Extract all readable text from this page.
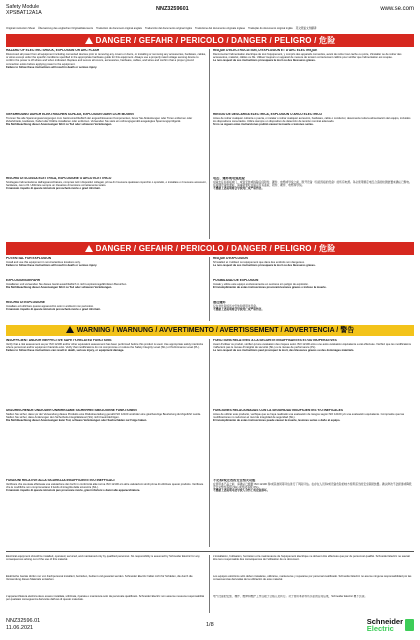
Safety Module
XPSBAT12A1A
NNZ3259601	www.se.com
Original instruction Sheet Übersetzung des englischen Originaldokuments Traduction du document original anglais Traducción del documento original inglés Traduzione del documento originale inglese Tradução do documento original inglês 英文原始文件翻译
DANGER / GEFAHR / PERICOLO / DANGER / PELIGRO / 危险
HAZARD OF ELECTRIC SHOCK, EXPLOSION OR ARC FLASH
Disconnect all power from all equipment including connected devices prior to removing any covers or doors, or installing or removing any accessories, hardware, cables, or wires except under the specific conditions specified in the appropriate hardware guide for this equipment. Always use a properly rated voltage sensing device to confirm the power is off where and when indicated. Replace and secure all covers, accessories, hardware, cables, and wires and confirm that a proper ground connection exists before applying power to the equipment.
Failure to follow these instructions will result in death or serious injury.
RISQUE D'ÉLECTROCUTION, D'EXPLOSION ET D'ARC ÉLECTRIQUE
Déconnectez l'alimentation électrique de tout l'équipement, y compris des appareils connectés, avant de retirer tout cache ou porte, d'installer ou de retirer des accessoires, matériel, câbles ou fils. Utilisez toujours un appareil de mesure de tension correctement calibré pour vérifier que l'alimentation est coupée.
Le non-respect de ces instructions provoquera la mort ou des blessures graves.
GEFÄHRDUNG DURCH ELEKTRISCHEN SCHLAG, EXPLOSION ODER LICHTBOGEN
Trennen Sie alle Spannungsversorgungen zum Gerät einschließlich der angeschlossenen Komponenten, bevor Sie Abdeckungen oder Türen entfernen oder Zubehörteile, Hardware, Kabel oder Drähte installieren oder entfernen. Verwenden Sie stets ein ordnungsgemäß ausgelegtes Spannungsprüfgerät.
Die Nichtbeachtung dieser Anweisungen führt zu Tod oder schweren Verletzungen.
RIESGO DE DESCARGA ELÉCTRICA, EXPLOSIÓN O ARCO ELÉCTRICO
Antes de retirar cualquier cubierta o puerta, o instalar o retirar cualquier accesorio, hardware, cable o conductor, desconecte toda la alimentación del equipo, incluidos los dispositivos conectados. Utilice siempre un dispositivo de detección de tensión nominal adecuado.
Si no se siguen estas instrucciones podrán causar la muerte o lesiones serias.
RISCHIO DI SCOSSA ELETTRICA, ESPLOSIONE O ARCO ELETTRICO
Scollegare l'alimentazione dall'apparecchiatura, compresi tutti i dispositivi collegati, prima di rimuovere qualsiasi coperchio o sportello, o installare o rimuovere accessori, hardware, cavi o fili. Utilizzare sempre un rilevatore di tensione correttamente tarato.
Il mancato rispetto di queste istruzioni provocherà morte o gravi infortuni.
电击、爆炸或电弧危险
在除去任何盖板或门，或者安装或拆除任何附件、硬件、电缆或导线之前，断开设备（包括连接的设备）的所有电源。务必使用额定电压合适的检测装置来确认已断电。在接通设备电源前，请重新装好并固定所有盖板、附件、硬件、电缆和导线。
不遵循上述说明将会导致死亡或严重伤害。
DANGER / GEFAHR / PERICOLO / DANGER / PELIGRO / 危险
POTENTIAL FOR EXPLOSION
Install and use this equipment in non-hazardous locations only.
Failure to follow these instructions will result in death or serious injury.
RISQUE D'EXPLOSION
N'installez et n'utilisez cet équipement que dans des endroits non dangereux.
Le non-respect de ces instructions provoquera la mort ou des blessures graves.
EXPLOSIONSGEFAHR
Installieren und verwenden Sie dieses Gerät ausschließlich in nicht explosionsgefährdeten Bereichen.
Die Nichtbeachtung dieser Anweisungen führt zu Tod oder schweren Verletzungen.
POSIBILIDAD DE EXPLOSIÓN
Instale y utilice este equipo exclusivamente en sectores sin peligro de explosión.
El incumplimiento de estas instrucciones provocará lesiones graves o incluso la muerte.
RISCHIO DI ESPLOSIONE
Installare ed utilizzare questo apparecchio solo in ambienti non pericolosi.
Il mancato rispetto di queste istruzioni provocherà morte o gravi infortuni.
潜在爆炸
仅在非危险场所中安装和使用该设备。
不遵循上述说明将会导致死亡或严重伤害。
WARNING / WARNUNG / AVVERTIMENTO / AVERTISSEMENT / ADVERTENCIA / 警告
INSUFFICIENT AND/OR INEFFECTIVE SAFETY-RELATED FUNCTIONS
Verify that a risk assessment as per ISO 12100 and/or other equivalent assessment has been performed before this product is used. Use appropriate safety interlocks where personnel and/or equipment hazards exist. Verify that modifications do not compromise or reduce the Safety Integrity Level (SIL) or Performance Level (PL).
Failure to follow these instructions can result in death, serious injury, or equipment damage.
FONCTIONS RELATIVES À LA SÉCURITÉ INSUFFISANTES ET/OU INOPÉRATIVES
Avant d'utiliser ce produit, vérifiez qu'une évaluation des risques selon ISO 12100 et/ou une autre évaluation équivalente a été effectuée. Vérifiez que les modifications n'affectent pas le niveau d'intégrité de sécurité (SIL) ou le niveau de performance (PL).
Le non-respect de ces instructions peut provoquer la mort, des blessures graves ou des dommages matériels.
UNZUREICHENDE UND/ODER UNWIRKSAME SICHERHEITSBEZOGENE FUNKTIONEN
Stellen Sie sicher, dass vor der Verwendung dieses Produkts eine Risikobeurteilung gemäß ISO 12100 und/oder eine gleichwertige Beurteilung durchgeführt wurde. Stellen Sie sicher, dass Änderungen den Sicherheits-Integritätslevel (SIL) nicht beeinträchtigen.
Die Nichtbeachtung dieser Anweisungen kann Tod, schwere Verletzungen oder Sachschäden zur Folge haben.
FUNCIONES RELACIONADAS CON LA SEGURIDAD INSUFICIENTES Y/O INEFICACES
Antes de utilizar este producto, verifique que se haya realizado una evaluación de riesgos según ISO 12100 y/o una evaluación equivalente. Compruebe que las modificaciones no reduzcan el nivel de integridad de seguridad (SIL).
El incumplimiento de estas instrucciones puede causar la muerte, lesiones serias o daño al equipo.
FUNZIONI RELATIVE ALLA SICUREZZA INSUFFICIENTI E/O INEFFICACI
Verificare che sia stata effettuata una valutazione dei rischi in conformità alla norma ISO 12100 e/o altre valutazioni simili prima di utilizzare questo prodotto. Verificare che le modifiche non compromettano il livello di integrità della sicurezza (SIL).
Il mancato rispetto di queste istruzioni può provocare morte, gravi infortuni o danni alle apparecchiature.
不足和/或无效的安全相关功能
在使用本产品之前，请确认已根据 ISO 12100 和/或其他同等评估进行了风险评估。在存在人员和/或设备危险的地方使用适当的安全联锁装置。确认修改不会损害或降低安全完整性等级 (SIL) 或性能等级 (PL)。
不遵循上述说明可能导致人身伤亡或设备损坏。
Electrical equipment should be installed, operated, serviced, and maintained only by qualified personnel. No responsibility is assumed by Schneider Electric for any consequences arising out of the use of this material.
L'installation, l'utilisation, l'entretien et la maintenance de l'équipement électrique ne doivent être effectués que par du personnel qualifié. Schneider Electric ne saurait être tenu responsable des conséquences de l'utilisation de ce document.
Elektrische Geräte dürfen nur von Fachpersonal installiert, betrieben, bedient und gewartet werden. Schneider Electric haftet nicht für Schäden, die durch die Verwendung dieses Materials entstehen.
Los equipos eléctricos sólo deben instalarse, utilizarse, mantenerse y repararse por personal cualificado. Schneider Electric no asume ninguna responsabilidad por las consecuencias derivadas de la utilización de este material.
L'apparecchiatura elettrica deve essere installata, utilizzata, riparata e mantenuta solo da personale qualificato. Schneider Electric non assume nessuna responsabilità per qualsiasi conseguenza derivante dall'uso di questo materiale.
电气设备的安装、操作、维修和维护工作仅限于合格人员执行。对于使用本资料所引起的任何后果，Schneider Electric 概不负责。
NNZ32596.01
11.06.2021	1/8	Schneider
Electric
